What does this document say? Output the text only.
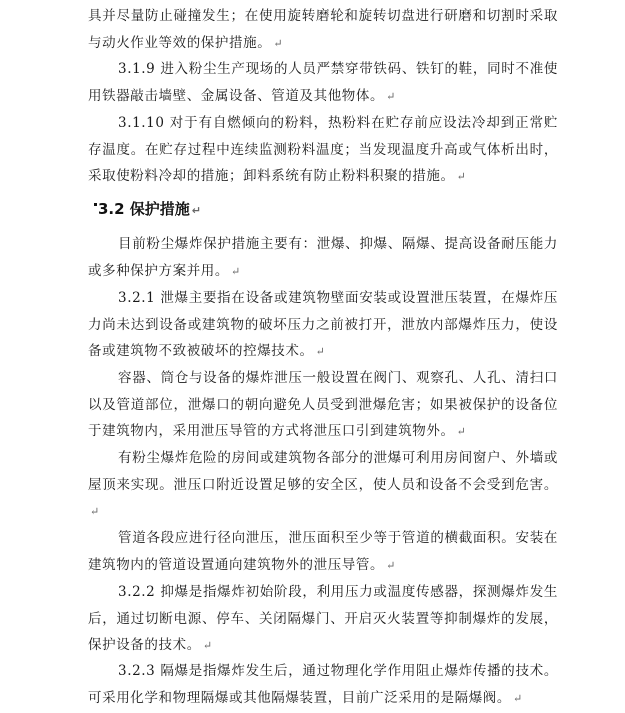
具并尽量防止碰撞发生；在使用旋转磨轮和旋转切盘进行研磨和切割时采取与动火作业等效的保护措施。 ↵
3.1.9 进入粉尘生产现场的人员严禁穿带铁码、铁钉的鞋，同时不准使用铁器敲击墙壁、金属设备、管道及其他物体。 ↵
3.1.10 对于有自燃倾向的粉料，热粉料在贮存前应设法冷却到正常贮存温度。在贮存过程中连续监测粉料温度；当发现温度升高或气体析出时，采取使粉料冷却的措施；卸料系统有防止粉料积聚的措施。 ↵
3.2 保护措施 ↵
目前粉尘爆炸保护措施主要有：泄爆、抑爆、隔爆、提高设备耐压能力或多种保护方案并用。 ↵
3.2.1 泄爆主要指在设备或建筑物壁面安装或设置泄压装置，在爆炸压力尚未达到设备或建筑物的破坏压力之前被打开，泄放内部爆炸压力，使设备或建筑物不致被破坏的控爆技术。 ↵
容器、筒仓与设备的爆炸泄压一般设置在阀门、观察孔、人孔、清扫口以及管道部位，泄爆口的朝向避免人员受到泄爆危害；如果被保护的设备位于建筑物内，采用泄压导管的方式将泄压口引到建筑物外。 ↵
有粉尘爆炸危险的房间或建筑物各部分的泄爆可利用房间窗户、外墙或屋顶来实现。泄压口附近设置足够的安全区，使人员和设备不会受到危害。↵
管道各段应进行径向泄压，泄压面积至少等于管道的横截面积。安装在建筑物内的管道设置通向建筑物外的泄压导管。 ↵
3.2.2 抑爆是指爆炸初始阶段，利用压力或温度传感器，探测爆炸发生后，通过切断电源、停车、关闭隔爆门、开启灭火装置等抑制爆炸的发展，保护设备的技术。 ↵
3.2.3 隔爆是指爆炸发生后，通过物理化学作用阻止爆炸传播的技术。可采用化学和物理隔爆或其他隔爆装置，目前广泛采用的是隔爆阀。 ↵
